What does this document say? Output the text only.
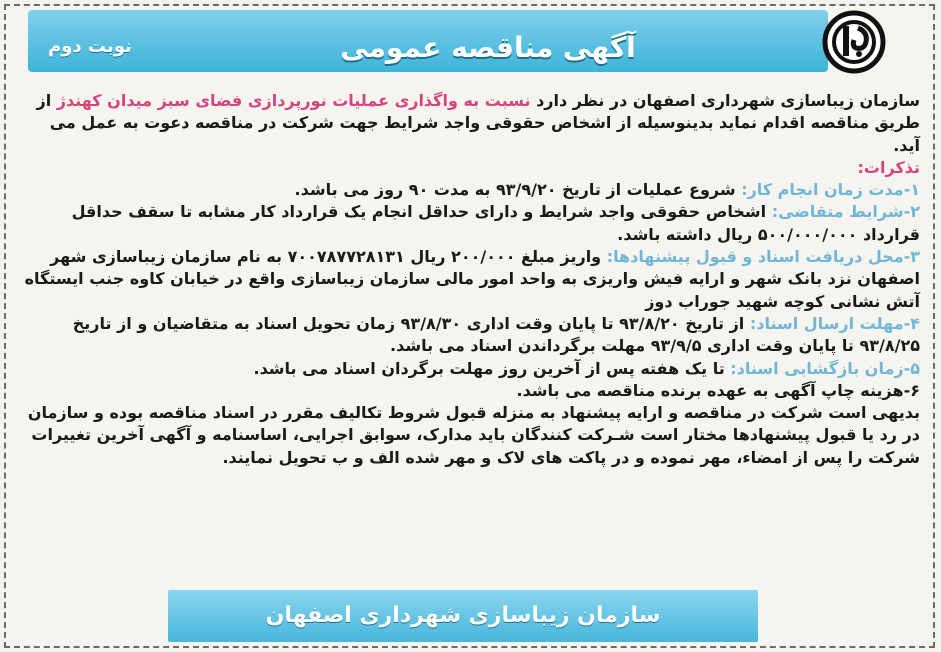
نوبت دوم	آگهی مناقصه عمومی

سازمان زیباسازی شهرداری اصفهان در نظر دارد نسبت به واگذاری عملیات نورپردازی فضای سبز میدان کهندژ از طریق مناقصه اقدام نماید بدینوسیله از اشخاص حقوقی واجد شرایط جهت شرکت در مناقصه دعوت به عمل می آید.

تذکرات:

۱-مدت زمان انجام کار: شروع عملیات از تاریخ ۹۳/۹/۲۰ به مدت ۹۰ روز می باشد.

۲-شرایط متقاضی: اشخاص حقوقی واجد شرایط و دارای حداقل انجام یک قرارداد کار مشابه تا سقف حداقل قرارداد ۵۰۰/۰۰۰/۰۰۰ ریال داشته باشد.

۳-محل دریافت اسناد و قبول پیشنهادها: واریز مبلغ ۲۰۰/۰۰۰ ریال ۷۰۰۷۸۷۷۲۸۱۳۱ به نام سازمان زیباسازی شهر اصفهان نزد بانک شهر و ارایه فیش واریزی به واحد امور مالی سازمان زیباسازی واقع در خیابان کاوه جنب ایستگاه آتش نشانی کوچه شهید جوراب دوز

۴-مهلت ارسال اسناد: از تاریخ ۹۳/۸/۲۰ تا پایان وقت اداری ۹۳/۸/۳۰ زمان تحویل اسناد به متقاضیان و از تاریخ ۹۳/۸/۲۵ تا پایان وقت اداری ۹۳/۹/۵ مهلت برگرداندن اسناد می باشد.

۵-زمان بازگشایی اسناد: تا یک هفته پس از آخرین روز مهلت برگردان اسناد می باشد.

۶-هزینه چاپ آگهی به عهده برنده مناقصه می باشد.

بدیهی است شرکت در مناقصه و ارایه پیشنهاد به منزله قبول شروط تکالیف مقرر در اسناد مناقصه بوده و سازمان در رد یا قبول پیشنهادها مختار است شـرکت کنندگان باید مدارک، سوابق اجرایی، اساسنامه و آگهی آخرین تغییرات شرکت را پس از امضاء، مهر نموده و در پاکت های لاک و مهر شده الف و ب تحویل نمایند.

سازمان زیباسازی شهرداری اصفهان
